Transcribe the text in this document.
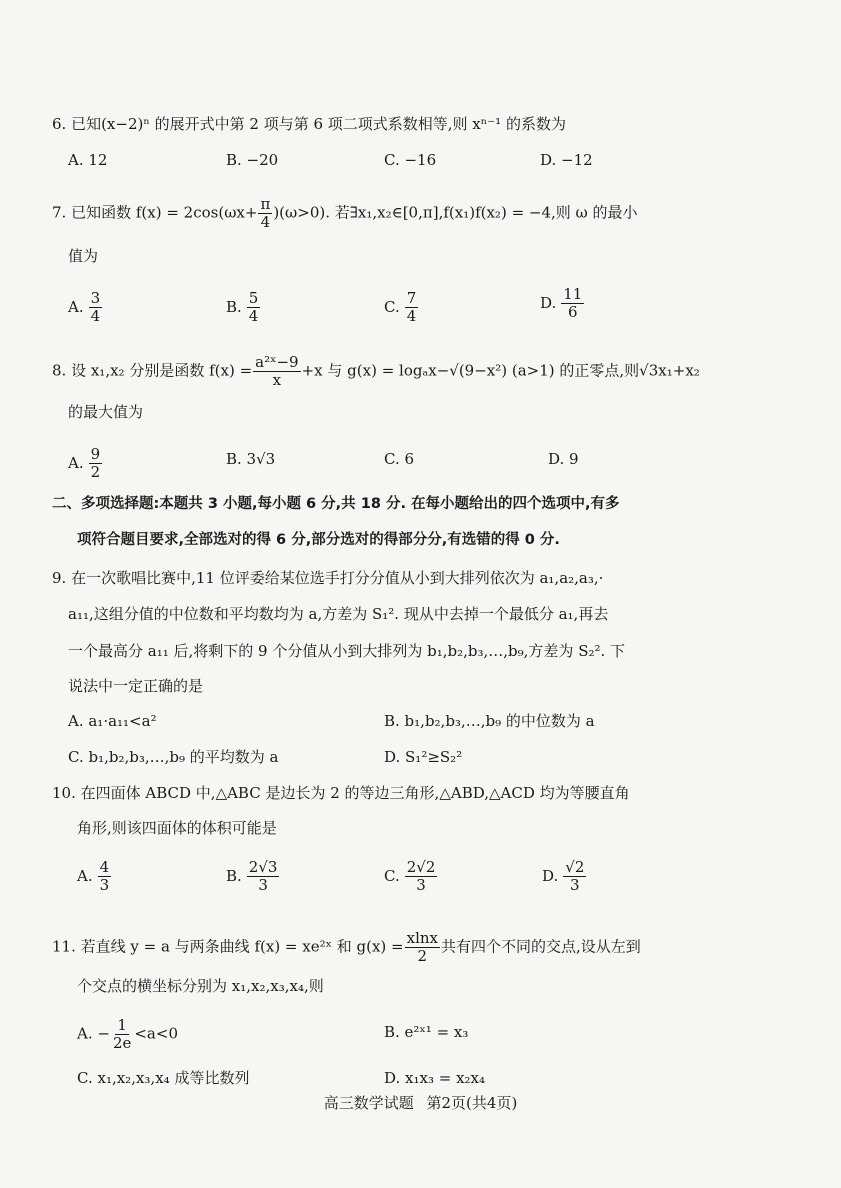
6. 已知(x−2)ⁿ 的展开式中第 2 项与第 6 项二项式系数相等,则 xⁿ⁻¹ 的系数为
A. 12	B. −20	C. −16	D. −12
7. 已知函数 $f(x) = 2\cos(\omega x+ \frac{\pi}{4} )(\omega>0)$. 若∃x₁,x₂∈[0,π],f(x₁)f(x₂) = −4,则 ω 的最小
值为
A. $\frac{3}{4}$	B. $\frac{5}{4}$	C. $\frac{7}{4}$	D. $\frac{11}{6}$
8. 设 x₁,x₂ 分别是函数 $f(x) = \frac{\text{a²ˣ−9}}{x} +x$ 与 g(x) = logₐx−√(9−x²) (a>1) 的正零点,则√3x₁+x₂
的最大值为
A. $\frac{9}{2}$	B. 3√3	C. 6	D. 9
二、多项选择题:本题共 3 小题,每小题 6 分,共 18 分. 在每小题给出的四个选项中,有多
项符合题目要求,全部选对的得 6 分,部分选对的得部分分,有选错的得 0 分.
9. 在一次歌唱比赛中,11 位评委给某位选手打分分值从小到大排列依次为 a₁,a₂,a₃,·
a₁₁,这组分值的中位数和平均数均为 a,方差为 S₁². 现从中去掉一个最低分 a₁,再去
一个最高分 a₁₁ 后,将剩下的 9 个分值从小到大排列为 b₁,b₂,b₃,…,b₉,方差为 S₂². 下
说法中一定正确的是
A. a₁·a₁₁<a²	B. b₁,b₂,b₃,…,b₉ 的中位数为 a
C. b₁,b₂,b₃,…,b₉ 的平均数为 a	D. S₁²≥S₂²
10. 在四面体 ABCD 中,△ABC 是边长为 2 的等边三角形,△ABD,△ACD 均为等腰直角
角形,则该四面体的体积可能是
A. $\frac{4}{3}$	B. $\frac{2√3}{3}$	C. $\frac{2√2}{3}$	D. $\frac{√2}{3}$
11. 若直线 y = a 与两条曲线 f(x) = xe²ˣ 和 $g(x) = \frac{xlnx}{2}$ 共有四个不同的交点,设从左到
个交点的横坐标分别为 x₁,x₂,x₃,x₄,则
A. − $\frac{1}{2e} <a<0$	B. e²ˣ¹ = x₃
C. x₁,x₂,x₃,x₄ 成等比数列	D. x₁x₃ = x₂x₄
高三数学试题 第2页(共4页)
